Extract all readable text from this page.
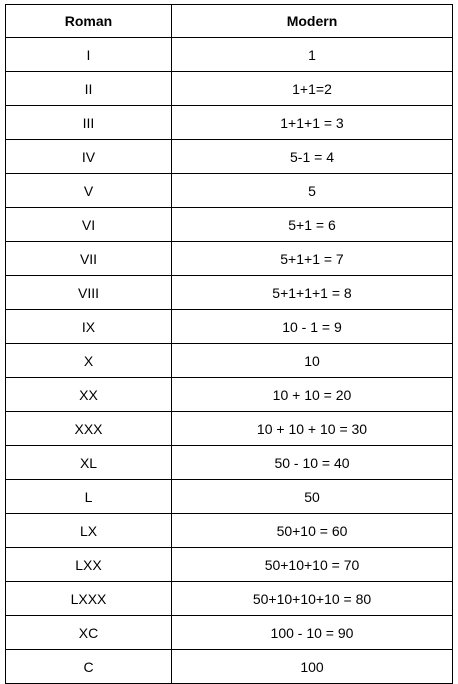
Roman	Modern
I	1
II	1+1=2
III	1+1+1 = 3
IV	5-1 = 4
V	5
VI	5+1 = 6
VII	5+1+1 = 7
VIII	5+1+1+1 = 8
IX	10 - 1 = 9
X	10
XX	10 + 10 = 20
XXX	10 + 10 + 10 = 30
XL	50 - 10 = 40
L	50
LX	50+10 = 60
LXX	50+10+10 = 70
LXXX	50+10+10+10 = 80
XC	100 - 10 = 90
C	100
